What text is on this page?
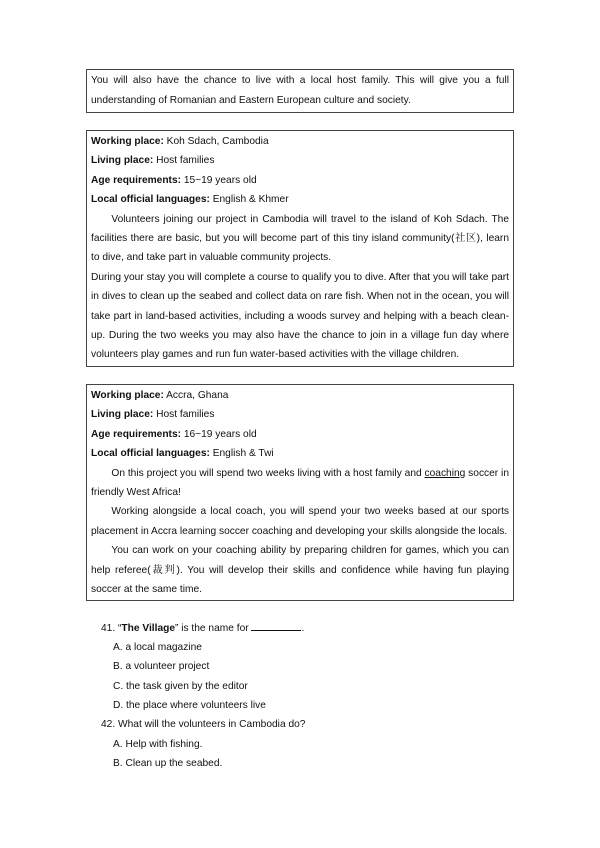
You will also have the chance to live with a local host family. This will give you a full understanding of Romanian and Eastern European culture and society.

Working place: Koh Sdach, Cambodia

Living place: Host families

Age requirements: 15~19 years old

Local official languages: English & Khmer

Volunteers joining our project in Cambodia will travel to the island of Koh Sdach. The facilities there are basic, but you will become part of this tiny island community(社区), learn to dive, and take part in valuable community projects.

During your stay you will complete a course to qualify you to dive. After that you will take part in dives to clean up the seabed and collect data on rare fish. When not in the ocean, you will take part in land-based activities, including a woods survey and helping with a beach clean-up. During the two weeks you may also have the chance to join in a village fun day where volunteers play games and run fun water-based activities with the village children.

Working place: Accra, Ghana

Living place: Host families

Age requirements: 16~19 years old

Local official languages: English & Twi

On this project you will spend two weeks living with a host family and coaching soccer in friendly West Africa!

Working alongside a local coach, you will spend your two weeks based at our sports placement in Accra learning soccer coaching and developing your skills alongside the locals.

You can work on your coaching ability by preparing children for games, which you can help referee(裁判). You will develop their skills and confidence while having fun playing soccer at the same time.

41. “The Village” is the name for	.

A. a local magazine

B. a volunteer project

C. the task given by the editor

D. the place where volunteers live

42. What will the volunteers in Cambodia do?

A. Help with fishing.

B. Clean up the seabed.
